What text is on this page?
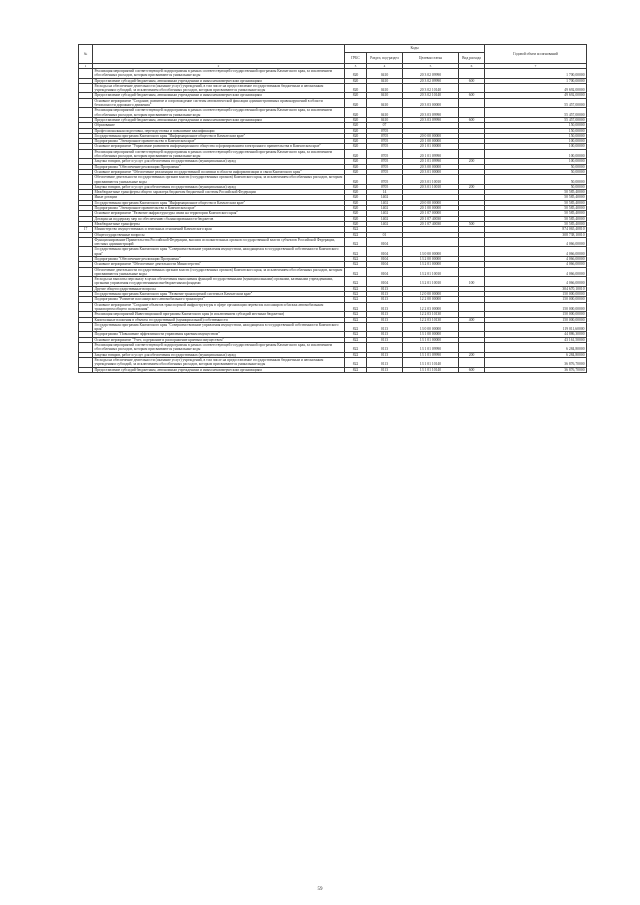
№		Коды				Годовой объем ассигнований
		ГРБС	Раздел, под-раздел	Целевая статья	Вид расхода	
1	2	3	4	5	6	7
	Реализация мероприятий соответствующей подпрограммы в рамках соответствующей государственной программы Камчатского края, за исключением обособленных расходов, которым присваиваются уникальные коды	820	0410	20 3 02 09990		1 700,00000
	Предоставление субсидий бюджетным, автономным учреждениям и иным некоммерческим организациям	820	0410	20 3 02 09990	600	1 700,00000
	Расходы на обеспечение деятельности (оказание услуг) учреждений, в том числе на предоставление государственным бюджетным и автономным учреждениям субсидий, за исключением обособленных расходов, которым присваиваются уникальные коды	820	0410	20 3 02 10140		49 692,00000
	Предоставление субсидий бюджетным, автономным учреждениям и иным некоммерческим организациям	820	0410	20 3 02 10140	600	49 692,00000
	Основное мероприятие "Создание, развитие и сопровождение системы автоматической фиксации административных правонарушений в области безопасности дорожного движения"	820	0410	20 3 03 00000		55 457,00000
	Реализация мероприятий соответствующей подпрограммы в рамках соответствующей государственной программы Камчатского края, за исключением обособленных расходов, которым присваиваются уникальные коды	820	0410	20 3 03 09990		55 457,00000
	Предоставление субсидий бюджетным, автономным учреждениям и иным некоммерческим организациям	820	0410	20 3 03 09990	600	55 457,00000
	Образование	820	07			150,00000
	Профессиональная подготовка, переподготовка и повышение квалификации	820	0705			150,00000
	Государственная программа Камчатского края "Информационное общество в Камчатском крае"	820	0705	20 0 00 00000		150,00000
	Подпрограмма "Электронное правительство в Камчатском крае"	820	0705	20 1 00 00000		100,00000
	Основное мероприятие "Управление развитием информационного общества и формированием электронного правительства в Камчатском крае"	820	0705	20 1 01 00000		100,00000
	Реализация мероприятий соответствующей подпрограммы в рамках соответствующей государственной программы Камчатского края, за исключением обособленных расходов, которым присваиваются уникальные коды	820	0705	20 1 01 09990		100,00000
	Закупка товаров, работ и услуг для обеспечения государственных (муниципальных) нужд	820	0705	20 1 01 09990	200	100,00000
	Подпрограмма "Обеспечение реализации Программы"	820	0705	20 3 00 00000		50,00000
	Основное мероприятие "Обеспечение реализации государственной политики в области информатизации и связи Камчатского края"	820	0705	20 3 01 00000		50,00000
	Обеспечение деятельности государственных органов власти (государственных органов) Камчатского края, за исключением обособленных расходов, которым присваиваются уникальные коды	820	0705	20 3 01 10010		50,00000
	Закупка товаров, работ и услуг для обеспечения государственных (муниципальных) нужд	820	0705	20 3 01 10010	200	50,00000
	Межбюджетные трансферты общего характера бюджетам бюджетной системы Российской Федерации	820	14			50 585,40000
	Иные дотации	820	1402			50 585,40000
	Государственная программа Камчатского края "Информационное общество в Камчатском крае"	820	1402	20 0 00 00000		50 585,40000
	Подпрограмма "Электронное правительство в Камчатском крае"	820	1402	20 1 00 00000		50 585,40000
	Основное мероприятие "Развитие инфраструктуры связи на территории Камчатского края"	820	1402	20 1 07 00000		50 585,40000
	Дотация на поддержку мер по обеспечению сбалансированности бюджетов	820	1402	20 1 07 40030		50 585,40000
	Межбюджетные трансферты	820	1402	20 1 07 40030	500	50 585,40000
17	Министерство имущественных и земельных отношений Камчатского края	822				874 065,40810
	Общегосударственные вопросы	822	01			308 738,10010
	Функционирование Правительства Российской Федерации, высших исполнительных органов государственной власти субъектов Российской Федерации, местных администраций	822	0104			4 066,00000
	Государственная программа Камчатского края "Совершенствование управления имуществом, находящимся в государственной собственности Камчатского края"	822	0104	13 0 00 00000		4 066,00000
	Подпрограмма "Обеспечение реализации Программы"	822	0104	13 2 00 00000		4 066,00000
	Основное мероприятие "Обеспечение деятельности Министерства"	822	0104	13 2 01 00000		4 066,00000
	Обеспечение деятельности государственных органов власти (государственных органов) Камчатского края, за исключением обособленных расходов, которым присваиваются уникальные коды	822	0104	13 2 01 10010		4 066,00000
	Расходы на выплаты персоналу в целях обеспечения выполнения функций государственными (муниципальными) органами, казенными учреждениями, органами управления государственными внебюджетными фондами	822	0104	13 2 01 10010	100	4 066,00000
	Другие общегосударственные вопросы	822	0113			304 670,10010
	Государственная программа Камчатского края "Развитие транспортной системы в Камчатском крае"	822	0113	12 0 00 00000		150 000,00000
	Подпрограмма "Развитие пассажирского автомобильного транспорта"	822	0113	12 2 00 00000		150 000,00000
	Основное мероприятие "Создание объектов транспортной инфраструктуры в сфере организации перевозок пассажиров и багажа автомобильным транспортом общего пользования"	822	0113	12 2 03 00000		150 000,00000
	Реализация мероприятий Инвестиционной программы Камчатского края (в исключением субсидий местным бюджетам)	822	0113	12 2 03 10130		150 000,00000
	Капитальные вложения в объекты государственной (муниципальной) собственности	822	0113	12 2 03 10130	400	150 000,00000
	Государственная программа Камчатского края "Совершенствование управления имуществом, находящимся в государственной собственности Камчатского края"	822	0113	13 0 00 00000		119 011,60000
	Подпрограмма "Повышение эффективности управления краевым имуществом"	822	0113	13 1 00 00000		44 886,30000
	Основное мероприятие "Учет, содержание и распоряжение краевым имуществом"	822	0113	13 1 01 00000		43 161,50000
	Реализация мероприятий соответствующей подпрограммы в рамках соответствующей государственной программы Камчатского края, за исключением обособленных расходов, которым присваиваются уникальные коды	822	0113	13 1 01 09990		6 284,80000
	Закупка товаров, работ и услуг для обеспечения государственных (муниципальных) нужд	822	0113	13 1 01 09990	200	6 284,80000
	Расходы на обеспечение деятельности (оказание услуг) учреждений, в том числе на предоставление государственным бюджетным и автономным учреждениям субсидий, за исключением обособленных расходов, которым присваиваются уникальные коды	822	0113	13 1 01 10140		36 876,70000
	Предоставление субсидий бюджетным, автономным учреждениям и иным некоммерческим организациям	822	0113	13 1 01 10140	600	36 876,70000
59
